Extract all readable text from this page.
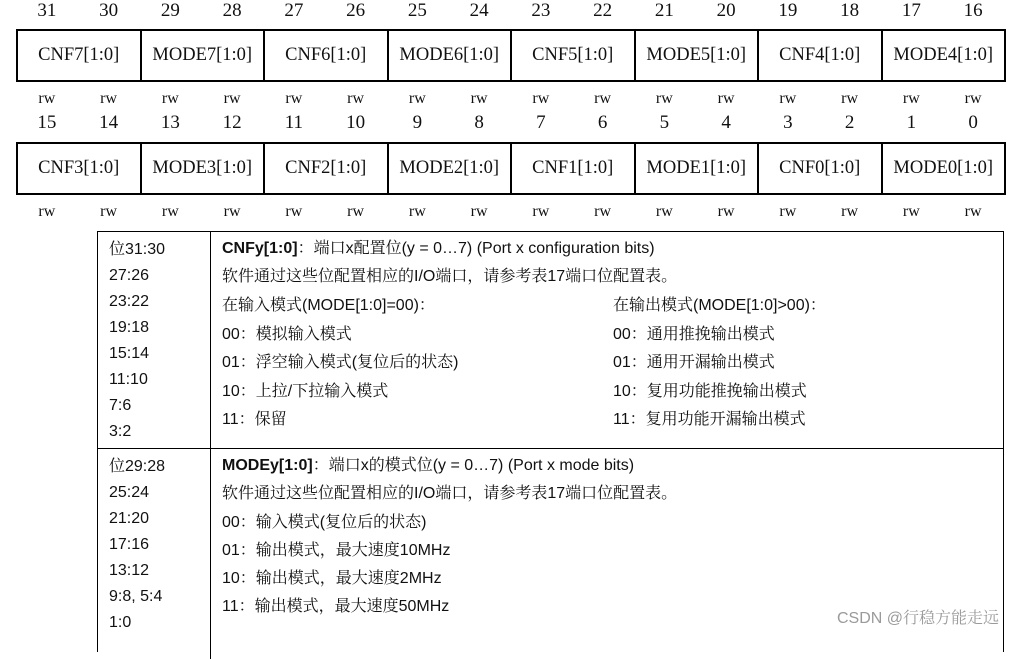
31	30	29	28	27	26	25	24	23	22	21	20	19	18	17	16
CNF7[1:0]	MODE7[1:0]	CNF6[1:0]	MODE6[1:0]	CNF5[1:0]	MODE5[1:0]	CNF4[1:0]	MODE4[1:0]
rw	rw	rw	rw	rw	rw	rw	rw	rw	rw	rw	rw	rw	rw	rw	rw
15	14	13	12	11	10	9	8	7	6	5	4	3	2	1	0
CNF3[1:0]	MODE3[1:0]	CNF2[1:0]	MODE2[1:0]	CNF1[1:0]	MODE1[1:0]	CNF0[1:0]	MODE0[1:0]
rw	rw	rw	rw	rw	rw	rw	rw	rw	rw	rw	rw	rw	rw	rw	rw
位31:30
27:26
23:22
19:18
15:14
11:10
7:6
3:2
CNFy[1:0]：端口x配置位(y = 0…7) (Port x configuration bits)
软件通过这些位配置相应的I/O端口，请参考表17端口位配置表。
在输入模式(MODE[1:0]=00)：
00：模拟输入模式
01：浮空输入模式(复位后的状态)
10：上拉/下拉输入模式
11：保留
在输出模式(MODE[1:0]>00)：
00：通用推挽输出模式
01：通用开漏输出模式
10：复用功能推挽输出模式
11：复用功能开漏输出模式
位29:28
25:24
21:20
17:16
13:12
9:8, 5:4
1:0
MODEy[1:0]：端口x的模式位(y = 0…7) (Port x mode bits)
软件通过这些位配置相应的I/O端口，请参考表17端口位配置表。
00：输入模式(复位后的状态)
01：输出模式，最大速度10MHz
10：输出模式，最大速度2MHz
11：输出模式，最大速度50MHz
CSDN @行稳方能走远
